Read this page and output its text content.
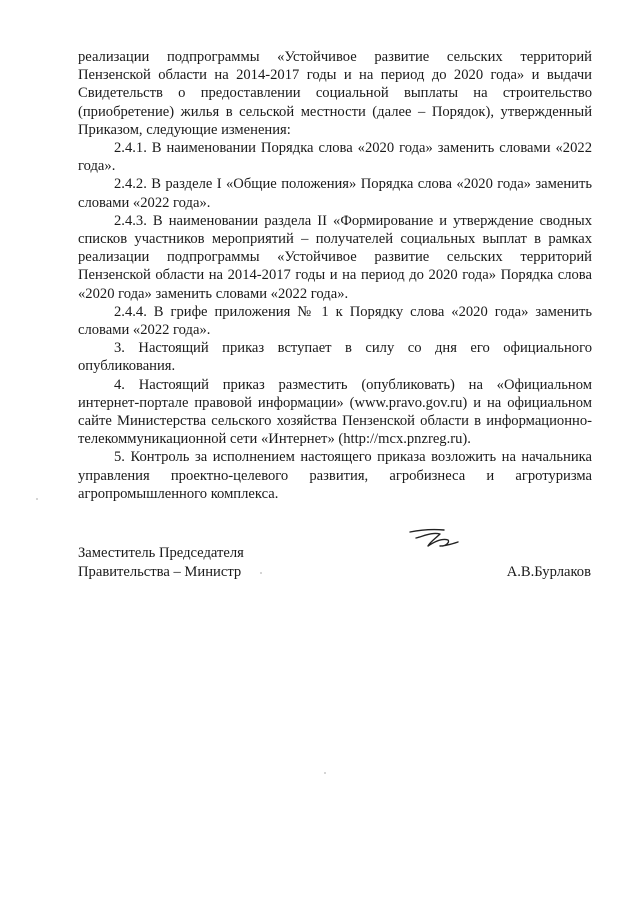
реализации подпрограммы «Устойчивое развитие сельских территорий Пензенской области на 2014-2017 годы и на период до 2020 года» и выдачи Свидетельств о предоставлении социальной выплаты на строительство (приобретение) жилья в сельской местности (далее – Порядок), утвержденный Приказом, следующие изменения:

2.4.1. В наименовании Порядка слова «2020 года» заменить словами «2022 года».

2.4.2. В разделе I «Общие положения» Порядка слова «2020 года» заменить словами «2022 года».

2.4.3. В наименовании раздела II «Формирование и утверждение сводных списков участников мероприятий – получателей социальных выплат в рамках реализации подпрограммы «Устойчивое развитие сельских территорий Пензенской области на 2014-2017 годы и на период до 2020 года» Порядка слова «2020 года» заменить словами «2022 года».

2.4.4. В грифе приложения № 1 к Порядку слова «2020 года» заменить словами «2022 года».

3. Настоящий приказ вступает в силу со дня его официального опубликования.

4. Настоящий приказ разместить (опубликовать) на «Официальном интернет-портале правовой информации» (www.pravo.gov.ru) и на официальном сайте Министерства сельского хозяйства Пензенской области в информационно-телекоммуникационной сети «Интернет» (http://mcx.pnzreg.ru).

5. Контроль за исполнением настоящего приказа возложить на начальника управления проектно-целевого развития, агробизнеса и агротуризма агропромышленного комплекса.

Заместитель Председателя
Правительства – Министр	А.В.Бурлаков
